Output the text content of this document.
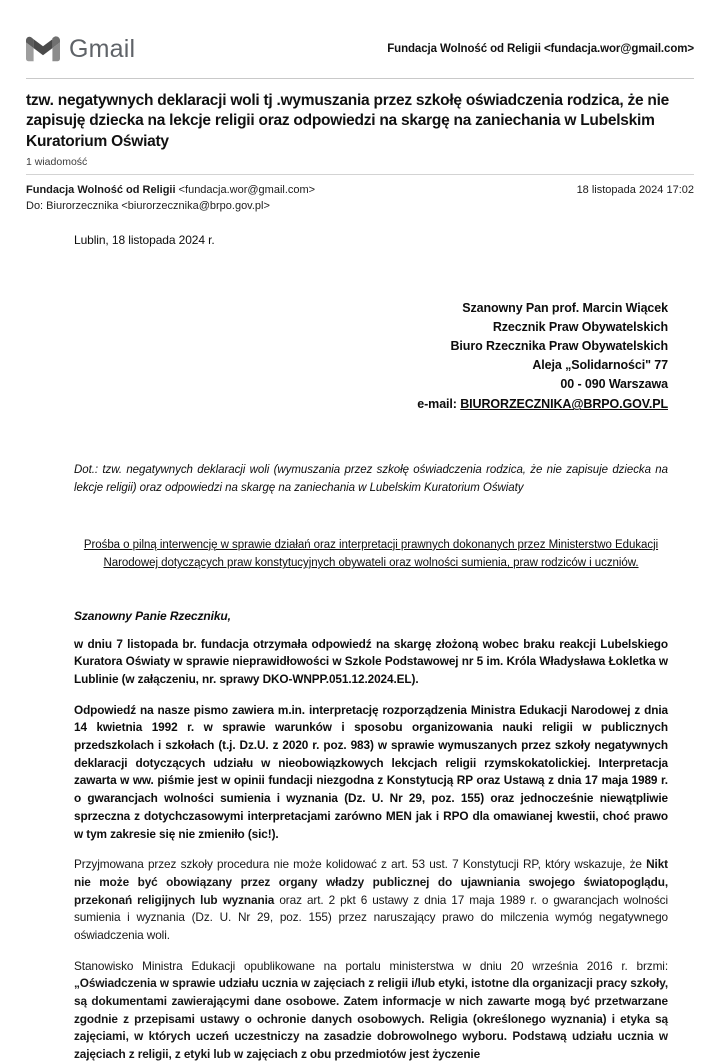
Gmail	Fundacja Wolność od Religii <fundacja.wor@gmail.com>
tzw. negatywnych deklaracji woli tj .wymuszania przez szkołę oświadczenia rodzica, że nie zapisuję dziecka na lekcje religii oraz odpowiedzi na skargę na zaniechania w Lubelskim Kuratorium Oświaty
1 wiadomość
Fundacja Wolność od Religii <fundacja.wor@gmail.com>
Do: Biurorzecznika <biurorzecznika@brpo.gov.pl>
18 listopada 2024 17:02

Lublin, 18 listopada 2024 r.

Szanowny Pan prof. Marcin Wiącek
Rzecznik Praw Obywatelskich
Biuro Rzecznika Praw Obywatelskich
Aleja „Solidarności" 77
00 - 090 Warszawa
e-mail: BIURORZECZNIKA@BRPO.GOV.PL

Dot.: tzw. negatywnych deklaracji woli (wymuszania przez szkołę oświadczenia rodzica, że nie zapisuje dziecka na lekcje religii) oraz odpowiedzi na skargę na zaniechania w Lubelskim Kuratorium Oświaty

Prośba o pilną interwencję w sprawie działań oraz interpretacji prawnych dokonanych przez Ministerstwo Edukacji Narodowej dotyczących praw konstytucyjnych obywateli oraz wolności sumienia, praw rodziców i uczniów.

Szanowny Panie Rzeczniku,

w dniu 7 listopada br. fundacja otrzymała odpowiedź na skargę złożoną wobec braku reakcji Lubelskiego Kuratora Oświaty w sprawie nieprawidłowości w Szkole Podstawowej nr 5 im. Króla Władysława Łokletka w Lublinie (w załączeniu, nr. sprawy DKO-WNPP.051.12.2024.EL).

Odpowiedź na nasze pismo zawiera m.in. interpretację rozporządzenia Ministra Edukacji Narodowej z dnia 14 kwietnia 1992 r. w sprawie warunków i sposobu organizowania nauki religii w publicznych przedszkolach i szkołach (t.j. Dz.U. z 2020 r. poz. 983) w sprawie wymuszanych przez szkoły negatywnych deklaracji dotyczących udziału w nieobowiązkowych lekcjach religii rzymskokatolickiej. Interpretacja zawarta w ww. piśmie jest w opinii fundacji niezgodna z Konstytucją RP oraz Ustawą z dnia 17 maja 1989 r. o gwarancjach wolności sumienia i wyznania (Dz. U. Nr 29, poz. 155) oraz jednocześnie niewątpliwie sprzeczna z dotychczasowymi interpretacjami zarówno MEN jak i RPO dla omawianej kwestii, choć prawo w tym zakresie się nie zmieniło (sic!).

Przyjmowana przez szkoły procedura nie może kolidować z art. 53 ust. 7 Konstytucji RP, który wskazuje, że Nikt nie może być obowiązany przez organy władzy publicznej do ujawniania swojego światopoglądu, przekonań religijnych lub wyznania oraz art. 2 pkt 6 ustawy z dnia 17 maja 1989 r. o gwarancjach wolności sumienia i wyznania (Dz. U. Nr 29, poz. 155) przez naruszający prawo do milczenia wymóg negatywnego oświadczenia woli.

Stanowisko Ministra Edukacji opublikowane na portalu ministerstwa w dniu 20 września 2016 r. brzmi: „Oświadczenia w sprawie udziału ucznia w zajęciach z religii i/lub etyki, istotne dla organizacji pracy szkoły, są dokumentami zawierającymi dane osobowe. Zatem informacje w nich zawarte mogą być przetwarzane zgodnie z przepisami ustawy o ochronie danych osobowych. Religia (określonego wyznania) i etyka są zajęciami, w których uczeń uczestniczy na zasadzie dobrowolnego wyboru. Podstawą udziału ucznia w zajęciach z religii, z etyki lub w zajęciach z obu przedmiotów jest życzenie
